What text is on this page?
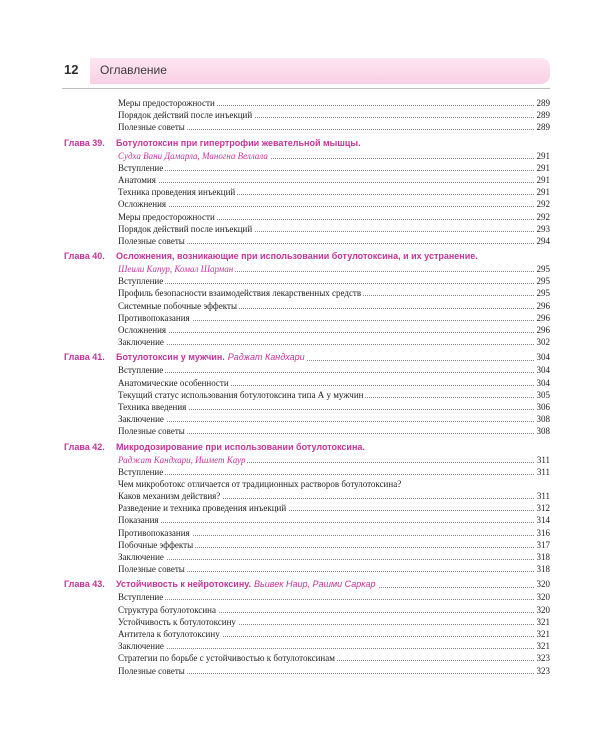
12 Оглавление
Меры предосторожности	289
Порядок действий после инъекций	289
Полезные советы	289
Глава 39. Ботулотоксин при гипертрофии жевательной мышцы.
Судха Вани Дамарла, Маногна Веллала	291
Вступление	291
Анатомия	291
Техника проведения инъекций	291
Осложнения	292
Меры предосторожности	292
Порядок действий после инъекций	293
Полезные советы	294
Глава 40. Осложнения, возникающие при использовании ботулотоксина, и их устранение.
Шеили Капур, Комал Шарман	295
Вступление	295
Профиль безопасности взаимодействия лекарственных средств	295
Системные побочные эффекты	296
Противопоказания	296
Осложнения	296
Заключение	302
Глава 41. Ботулотоксин у мужчин. Раджат Кандхари	304
Вступление	304
Анатомические особенности	304
Текущий статус использования ботулотоксина типа А у мужчин	305
Техника введения	306
Заключение	308
Полезные советы	308
Глава 42. Микродозирование при использовании ботулотоксина.
Раджат Кандхари, Ишмет Каур	311
Вступление	311
Чем микроботокс отличается от традиционных растворов ботулотоксина?
Каков механизм действия?	311
Разведение и техника проведения инъекций	312
Показания	314
Противопоказания	316
Побочные эффекты	317
Заключение	318
Полезные советы	318
Глава 43. Устойчивость к нейротоксину. Вьивек Наир, Рашми Саркар	320
Вступление	320
Структура ботулотоксина	320
Устойчивость к ботулотоксину	321
Антитела к ботулотоксину	321
Заключение	321
Стратегии по борьбе с устойчивостью к ботулотоксинам	323
Полезные советы	323
